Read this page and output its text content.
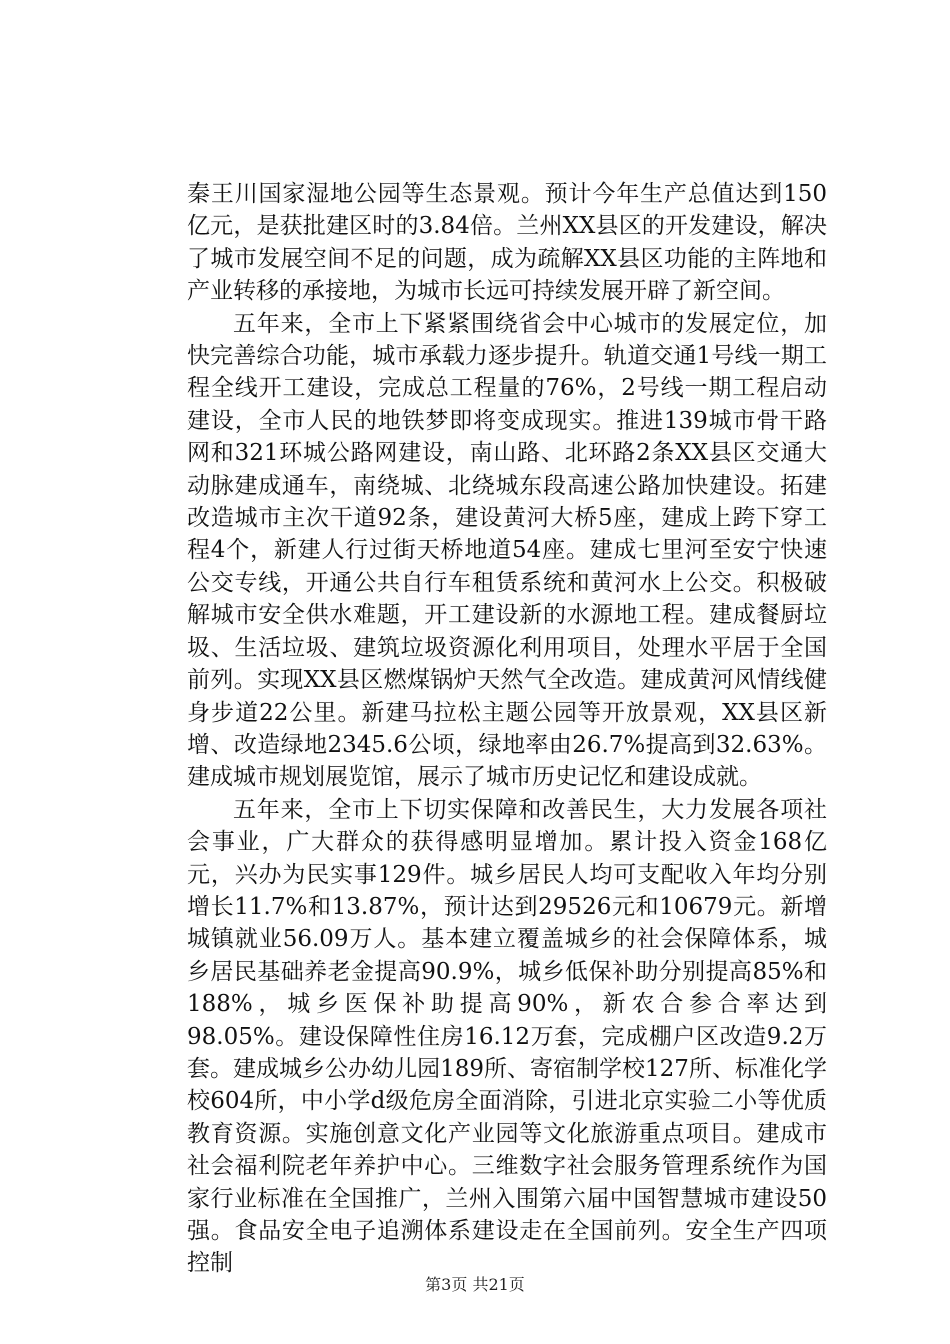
秦王川国家湿地公园等生态景观。预计今年生产总值达到150亿元，是获批建区时的3.84倍。兰州XX县区的开发建设，解决了城市发展空间不足的问题，成为疏解XX县区功能的主阵地和产业转移的承接地，为城市长远可持续发展开辟了新空间。

五年来，全市上下紧紧围绕省会中心城市的发展定位，加快完善综合功能，城市承载力逐步提升。轨道交通1号线一期工程全线开工建设，完成总工程量的76%，2号线一期工程启动建设，全市人民的地铁梦即将变成现实。推进139城市骨干路网和321环城公路网建设，南山路、北环路2条XX县区交通大动脉建成通车，南绕城、北绕城东段高速公路加快建设。拓建改造城市主次干道92条，建设黄河大桥5座，建成上跨下穿工程4个，新建人行过街天桥地道54座。建成七里河至安宁快速公交专线，开通公共自行车租赁系统和黄河水上公交。积极破解城市安全供水难题，开工建设新的水源地工程。建成餐厨垃圾、生活垃圾、建筑垃圾资源化利用项目，处理水平居于全国前列。实现XX县区燃煤锅炉天然气全改造。建成黄河风情线健身步道22公里。新建马拉松主题公园等开放景观，XX县区新增、改造绿地2345.6公顷，绿地率由26.7%提高到32.63%。建成城市规划展览馆，展示了城市历史记忆和建设成就。

五年来，全市上下切实保障和改善民生，大力发展各项社会事业，广大群众的获得感明显增加。累计投入资金168亿元，兴办为民实事129件。城乡居民人均可支配收入年均分别增长11.7%和13.87%，预计达到29526元和10679元。新增城镇就业56.09万人。基本建立覆盖城乡的社会保障体系，城乡居民基础养老金提高90.9%，城乡低保补助分别提高85%和188%，城乡医保补助提高90%，新农合参合率达到98.05%。建设保障性住房16.12万套，完成棚户区改造9.2万套。建成城乡公办幼儿园189所、寄宿制学校127所、标准化学校604所，中小学d级危房全面消除，引进北京实验二小等优质教育资源。实施创意文化产业园等文化旅游重点项目。建成市社会福利院老年养护中心。三维数字社会服务管理系统作为国家行业标准在全国推广，兰州入围第六届中国智慧城市建设50强。食品安全电子追溯体系建设走在全国前列。安全生产四项控制

第3页 共21页
